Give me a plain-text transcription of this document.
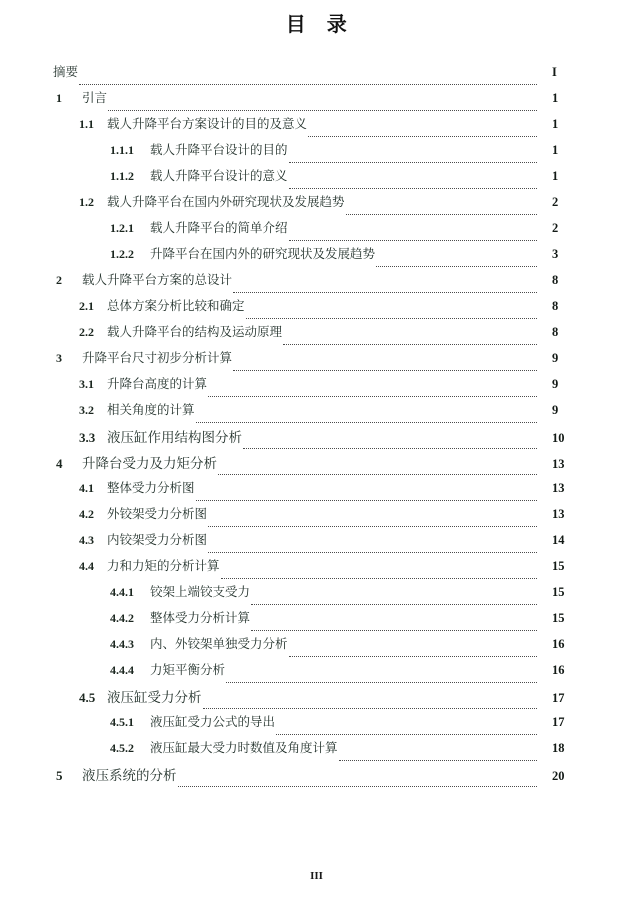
目　录
摘要	I
1	引言	1
1.1	载人升降平台方案设计的目的及意义	1
1.1.1	载人升降平台设计的目的	1
1.1.2	载人升降平台设计的意义	1
1.2	载人升降平台在国内外研究现状及发展趋势	2
1.2.1	载人升降平台的简单介绍	2
1.2.2	升降平台在国内外的研究现状及发展趋势	3
2	载人升降平台方案的总设计	8
2.1	总体方案分析比较和确定	8
2.2	载人升降平台的结构及运动原理	8
3	升降平台尺寸初步分析计算	9
3.1	升降台高度的计算	9
3.2	相关角度的计算	9
3.3 液压缸作用结构图分析	10
4	升降台受力及力矩分析	13
4.1	整体受力分析图	13
4.2	外铰架受力分析图	13
4.3	内铰架受力分析图	14
4.4	力和力矩的分析计算	15
4.4.1	铰架上端铰支受力	15
4.4.2	整体受力分析计算	15
4.4.3	内、外铰架单独受力分析	16
4.4.4	力矩平衡分析	16
4.5 液压缸受力分析	17
4.5.1	液压缸受力公式的导出	17
4.5.2	液压缸最大受力时数值及角度计算	18
5	液压系统的分析	20
III
